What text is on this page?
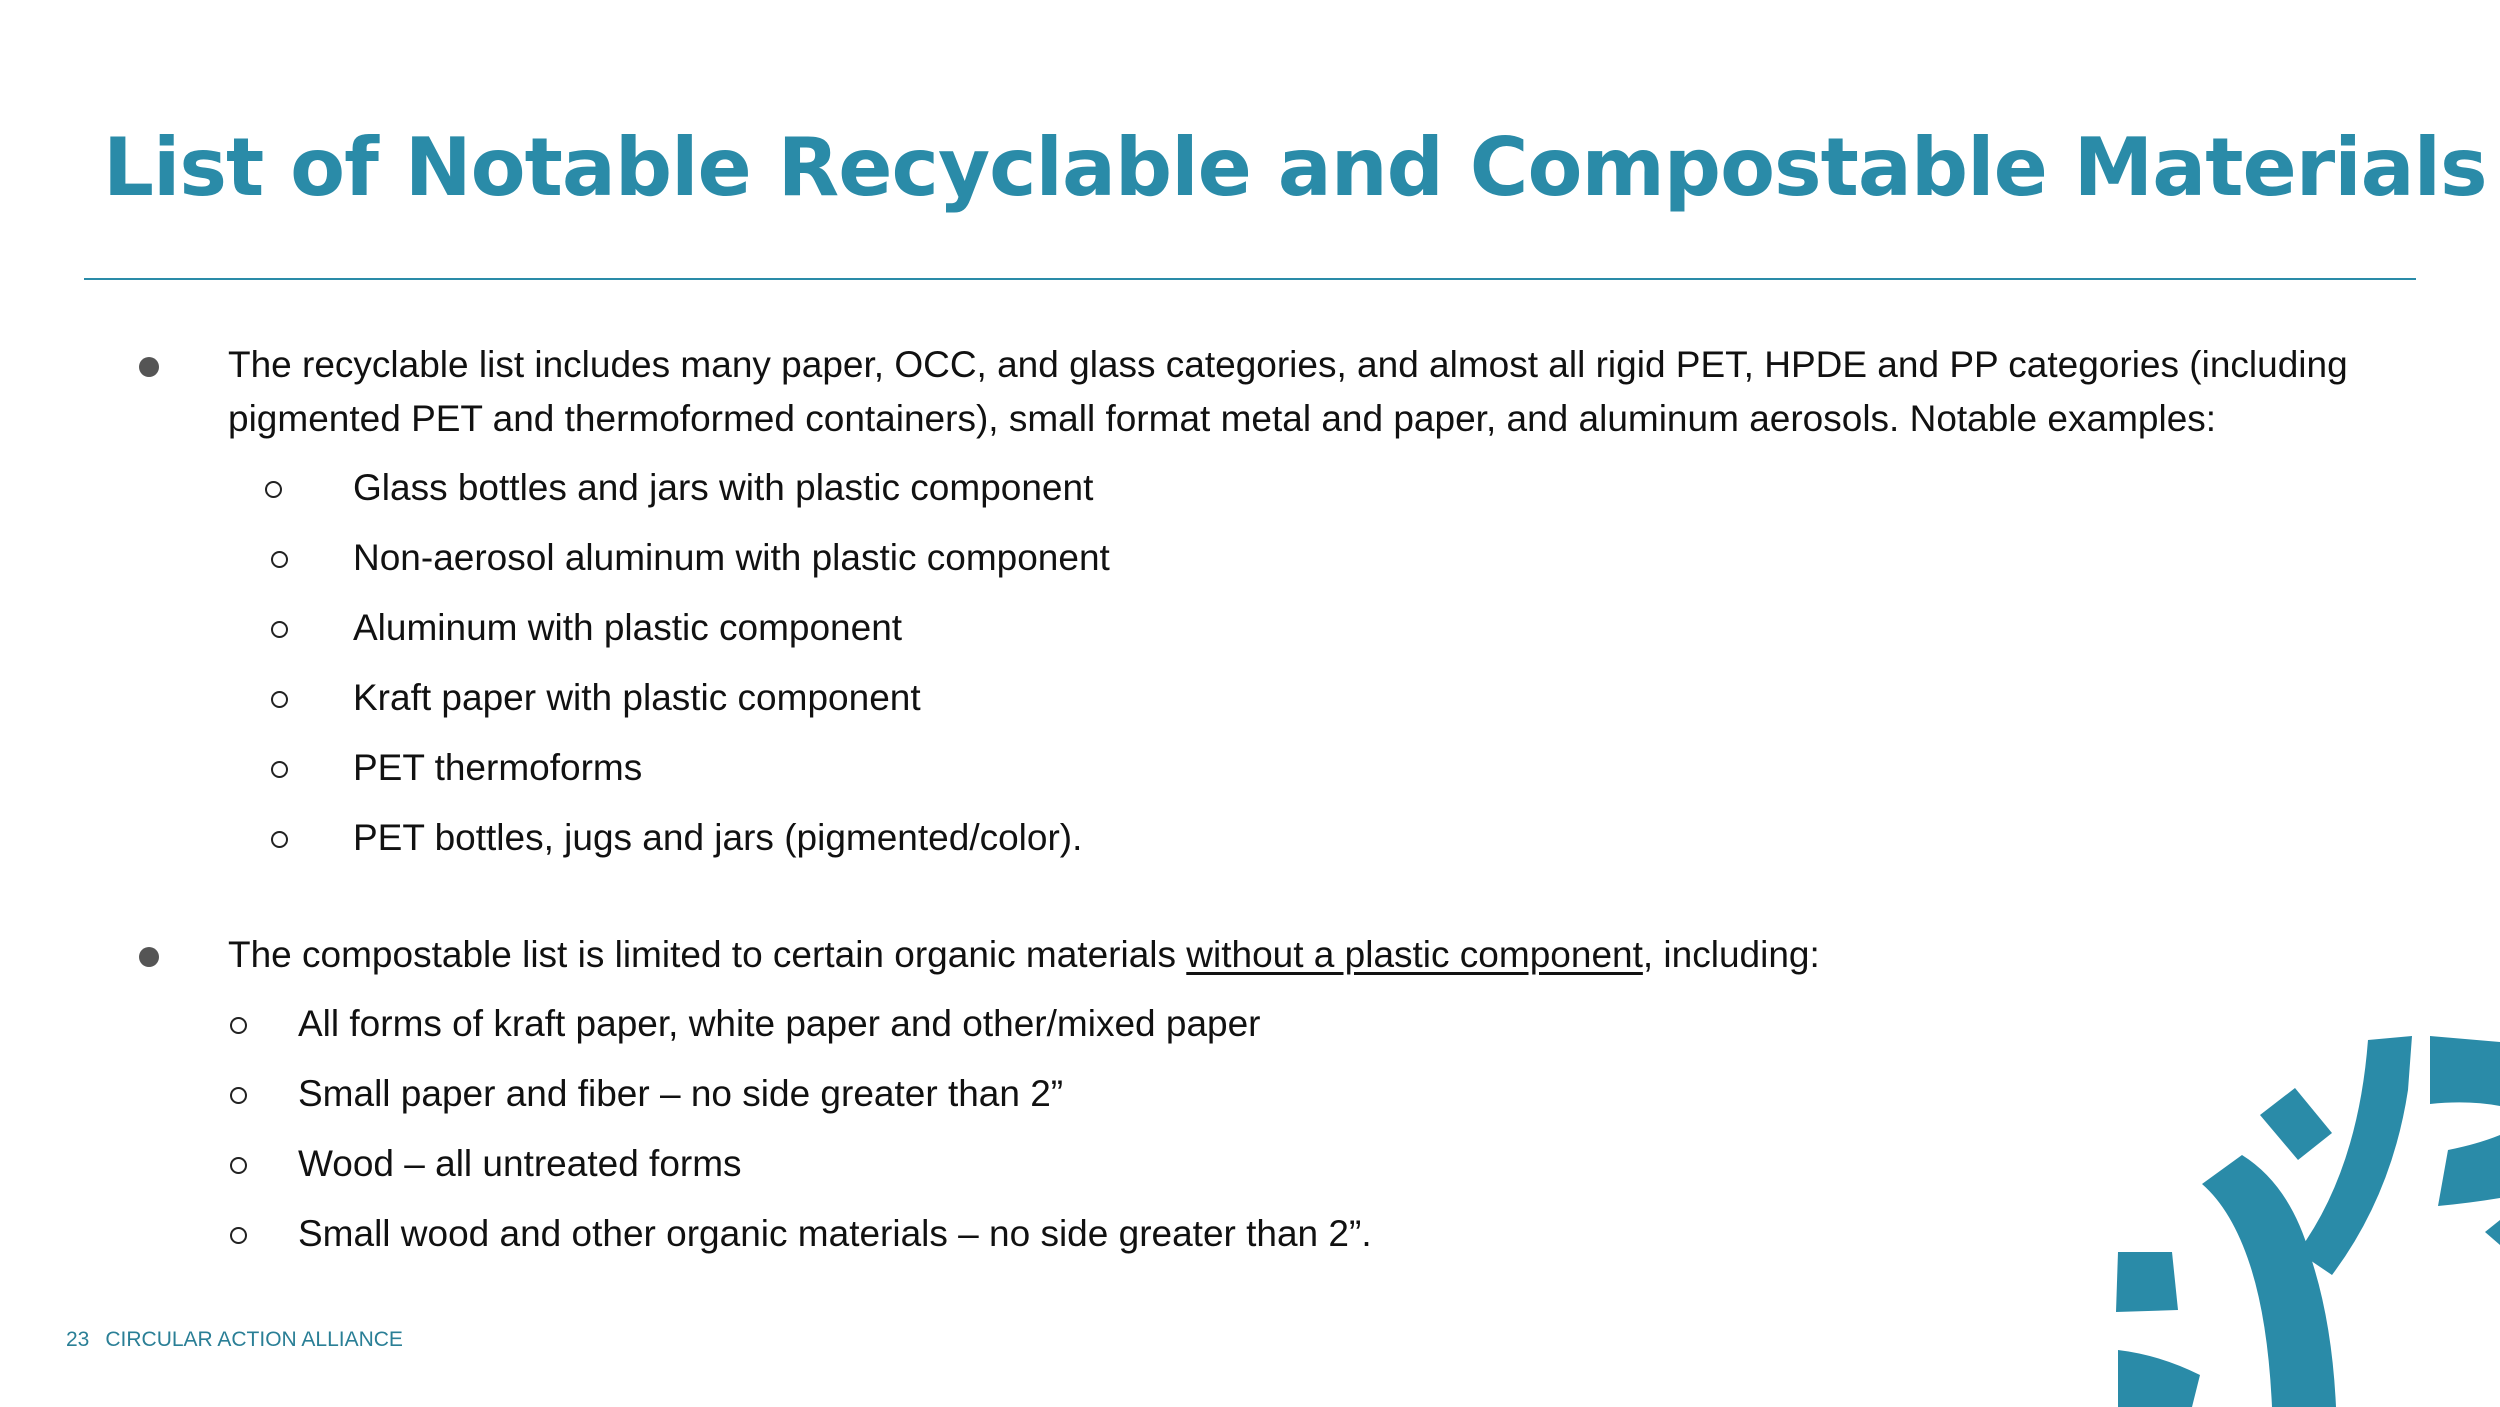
List of Notable Recyclable and Compostable Materials
The recyclable list includes many paper, OCC, and glass categories, and almost all rigid PET, HPDE and PP categories (including pigmented PET and thermoformed containers), small format metal and paper, and aluminum aerosols. Notable examples:
Glass bottles and jars with plastic component
Non-aerosol aluminum with plastic component
Aluminum with plastic component
Kraft paper with plastic component
PET thermoforms
PET bottles, jugs and jars (pigmented/color).
The compostable list is limited to certain organic materials without a plastic component, including:
All forms of kraft paper, white paper and other/mixed paper
Small paper and fiber – no side greater than 2”
Wood – all untreated forms
Small wood and other organic materials – no side greater than 2”.
23 CIRCULAR ACTION ALLIANCE
